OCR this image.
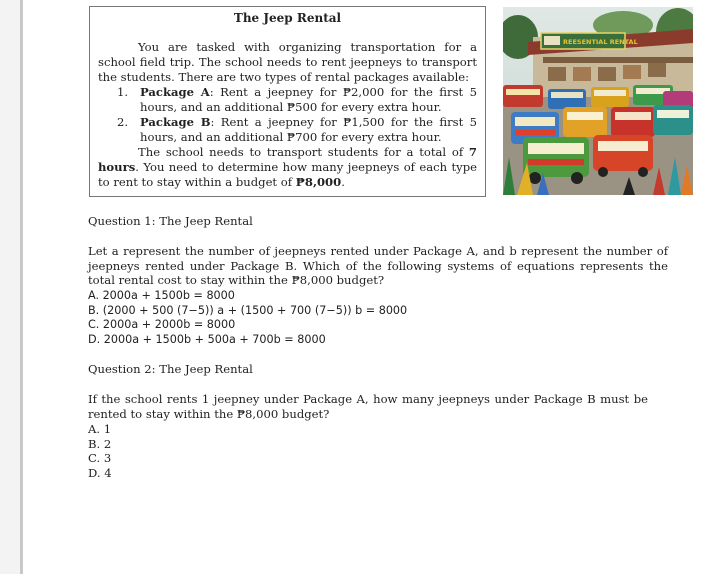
The Jeep Rental

You are tasked with organizing transportation for a school field trip. The school needs to rent jeepneys to transport the students. There are two types of rental packages available:

1. Package A: Rent a jeepney for ₱2,000 for the first 5 hours, and an additional ₱500 for every extra hour.
2. Package B: Rent a jeepney for ₱1,500 for the first 5 hours, and an additional ₱700 for every extra hour.

The school needs to transport students for a total of 7 hours. You need to determine how many jeepneys of each type to rent to stay within a budget of ₱8,000.

REESENTIAL RENTAL
Question 1: The Jeep Rental
Let a represent the number of jeepneys rented under Package A, and b represent the number of jeepneys rented under Package B. Which of the following systems of equations represents the total rental cost to stay within the ₱8,000 budget?
A. 2000a + 1500b = 8000
B. (2000 + 500 (7−5)) a + (1500 + 700 (7−5)) b = 8000
C. 2000a + 2000b = 8000
D. 2000a + 1500b + 500a + 700b = 8000
Question 2: The Jeep Rental
If the school rents 1 jeepney under Package A, how many jeepneys under Package B must be rented to stay within the ₱8,000 budget?
A. 1
B. 2
C. 3
D. 4
